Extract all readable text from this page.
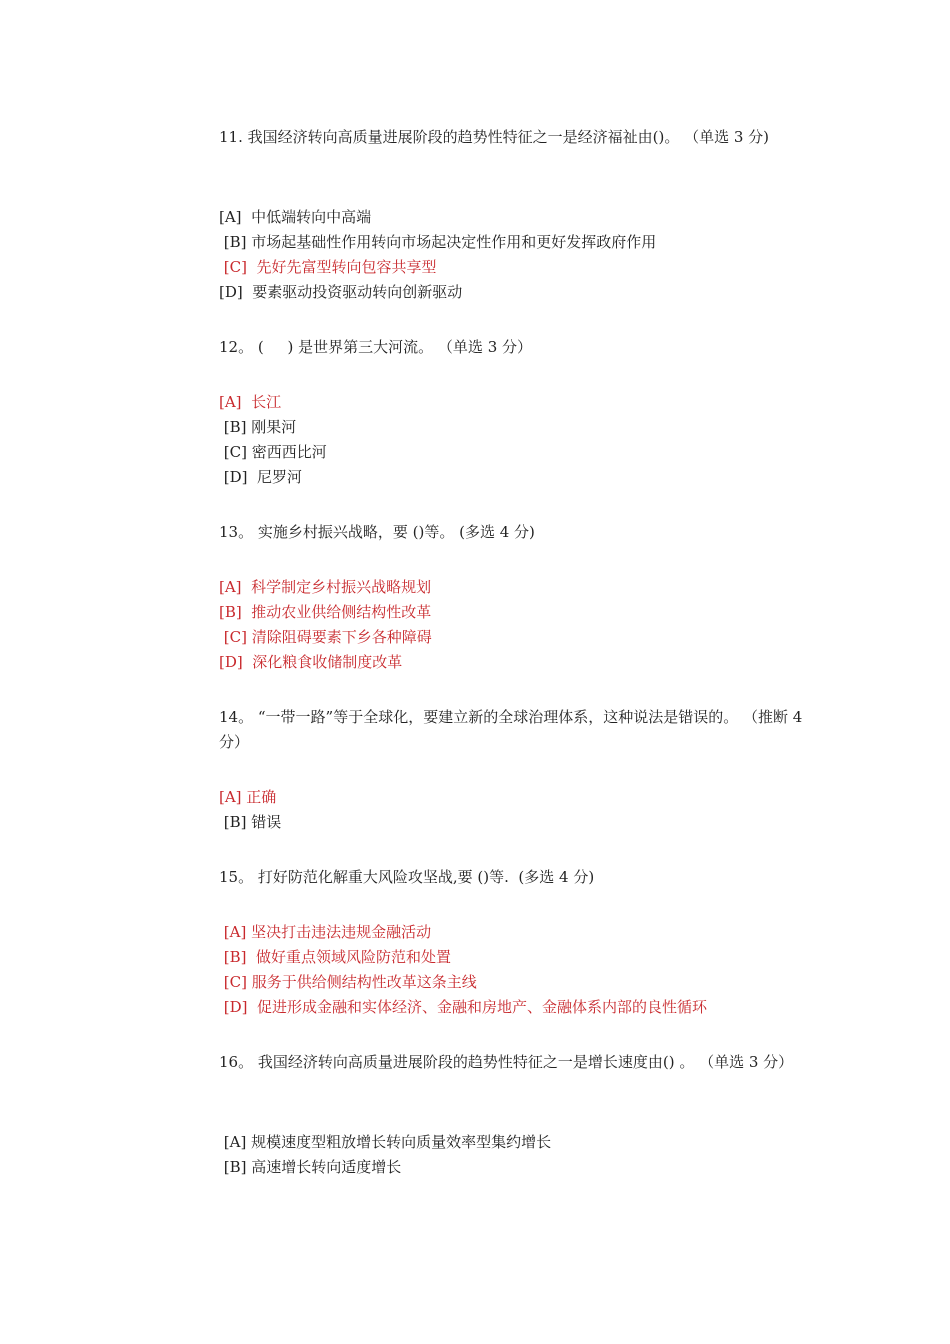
11. 我国经济转向高质量进展阶段的趋势性特征之一是经济福祉由()。 （单选 3 分)
[A]  中低端转向中高端
[B] 市场起基础性作用转向市场起决定性作用和更好发挥政府作用
[C]  先好先富型转向包容共享型
[D]  要素驱动投资驱动转向创新驱动
12。 (     ) 是世界第三大河流。 （单选 3 分）
[A]  长江
[B] 刚果河
[C] 密西西比河
[D]  尼罗河
13。 实施乡村振兴战略，要 ()等。 (多选 4 分)
[A]  科学制定乡村振兴战略规划
[B]  推动农业供给侧结构性改革
[C] 清除阻碍要素下乡各种障碍
[D]  深化粮食收储制度改革
14。 “一带一路”等于全球化，要建立新的全球治理体系，这种说法是错误的。 （推断 4 分）
[A] 正确
[B] 错误
15。 打好防范化解重大风险攻坚战,要 ()等.  (多选 4 分)
[A] 坚决打击违法违规金融活动
[B]  做好重点领域风险防范和处置
[C] 服务于供给侧结构性改革这条主线
[D]  促进形成金融和实体经济、金融和房地产、金融体系内部的良性循环
16。 我国经济转向高质量进展阶段的趋势性特征之一是增长速度由() 。 （单选 3 分）
[A] 规模速度型粗放增长转向质量效率型集约增长
[B] 高速增长转向适度增长
